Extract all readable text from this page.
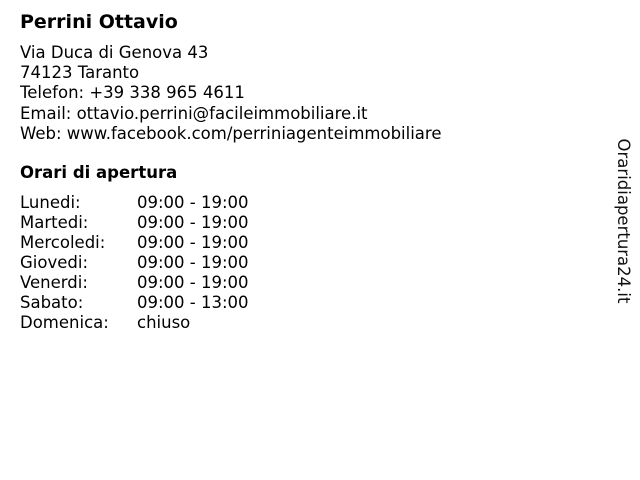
Perrini Ottavio
Via Duca di Genova 43
74123 Taranto
Telefon: +39 338 965 4611
Email: ottavio.perrini@facileimmobiliare.it
Web: www.facebook.com/perriniagenteimmobiliare
Orari di apertura
Lunedi:	09:00 - 19:00
Martedi:	09:00 - 19:00
Mercoledi: 09:00 - 19:00
Giovedi:	09:00 - 19:00
Venerdi:	09:00 - 19:00
Sabato:	09:00 - 13:00
Domenica: chiuso
Oraridiapertura24.it
